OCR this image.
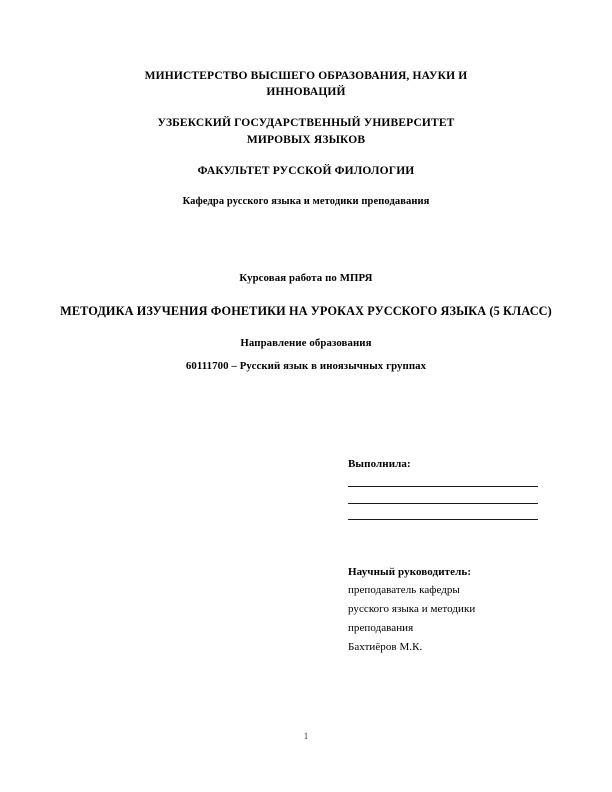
МИНИСТЕРСТВО ВЫСШЕГО ОБРАЗОВАНИЯ, НАУКИ И
ИННОВАЦИЙ
УЗБЕКСКИЙ ГОСУДАРСТВЕННЫЙ УНИВЕРСИТЕТ
МИРОВЫХ ЯЗЫКОВ
ФАКУЛЬТЕТ РУССКОЙ ФИЛОЛОГИИ
Кафедра русского языка и методики преподавания
Курсовая работа по МПРЯ
МЕТОДИКА ИЗУЧЕНИЯ ФОНЕТИКИ НА УРОКАХ РУССКОГО ЯЗЫКА (5 КЛАСС)
Направление образования
60111700 – Русский язык в иноязычных группах
Выполнила:
Научный руководитель:
преподаватель кафедры
русского языка и методики
преподавания
Бахтиёров М.К.
1
